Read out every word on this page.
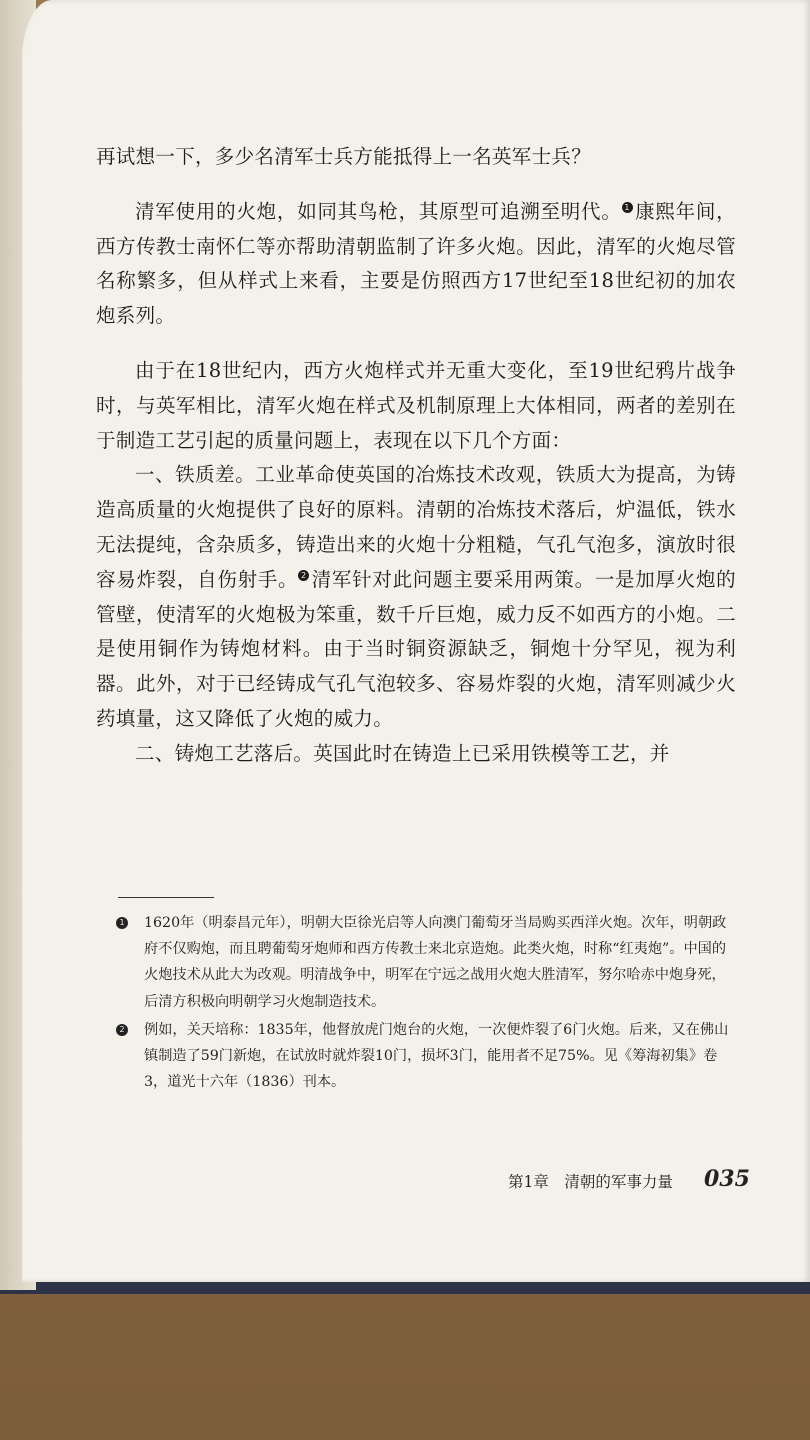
再试想一下，多少名清军士兵方能抵得上一名英军士兵？

清军使用的火炮，如同其鸟枪，其原型可追溯至明代。 1 康熙年间，西方传教士南怀仁等亦帮助清朝监制了许多火炮。因此，清军的火炮尽管名称繁多，但从样式上来看，主要是仿照西方17世纪至18世纪初的加农炮系列。

由于在18世纪内，西方火炮样式并无重大变化，至19世纪鸦片战争时，与英军相比，清军火炮在样式及机制原理上大体相同，两者的差别在于制造工艺引起的质量问题上，表现在以下几个方面：

一、铁质差。工业革命使英国的冶炼技术改观，铁质大为提高，为铸造高质量的火炮提供了良好的原料。清朝的冶炼技术落后，炉温低，铁水无法提纯，含杂质多，铸造出来的火炮十分粗糙，气孔气泡多，演放时很容易炸裂，自伤射手。 2 清军针对此问题主要采用两策。一是加厚火炮的管壁，使清军的火炮极为笨重，数千斤巨炮，威力反不如西方的小炮。二是使用铜作为铸炮材料。由于当时铜资源缺乏，铜炮十分罕见，视为利器。此外，对于已经铸成气孔气泡较多、容易炸裂的火炮，清军则减少火药填量，这又降低了火炮的威力。

二、铸炮工艺落后。英国此时在铸造上已采用铁模等工艺，并

1 1620年（明泰昌元年），明朝大臣徐光启等人向澳门葡萄牙当局购买西洋火炮。次年，明朝政府不仅购炮，而且聘葡萄牙炮师和西方传教士来北京造炮。此类火炮，时称“红夷炮”。中国的火炮技术从此大为改观。明清战争中，明军在宁远之战用火炮大胜清军，努尔哈赤中炮身死，后清方积极向明朝学习火炮制造技术。

2 例如，关天培称：1835年，他督放虎门炮台的火炮，一次便炸裂了6门火炮。后来，又在佛山镇制造了59门新炮，在试放时就炸裂10门，损坏3门，能用者不足75%。见《筹海初集》卷3，道光十六年（1836）刊本。

第1章　清朝的军事力量 035
